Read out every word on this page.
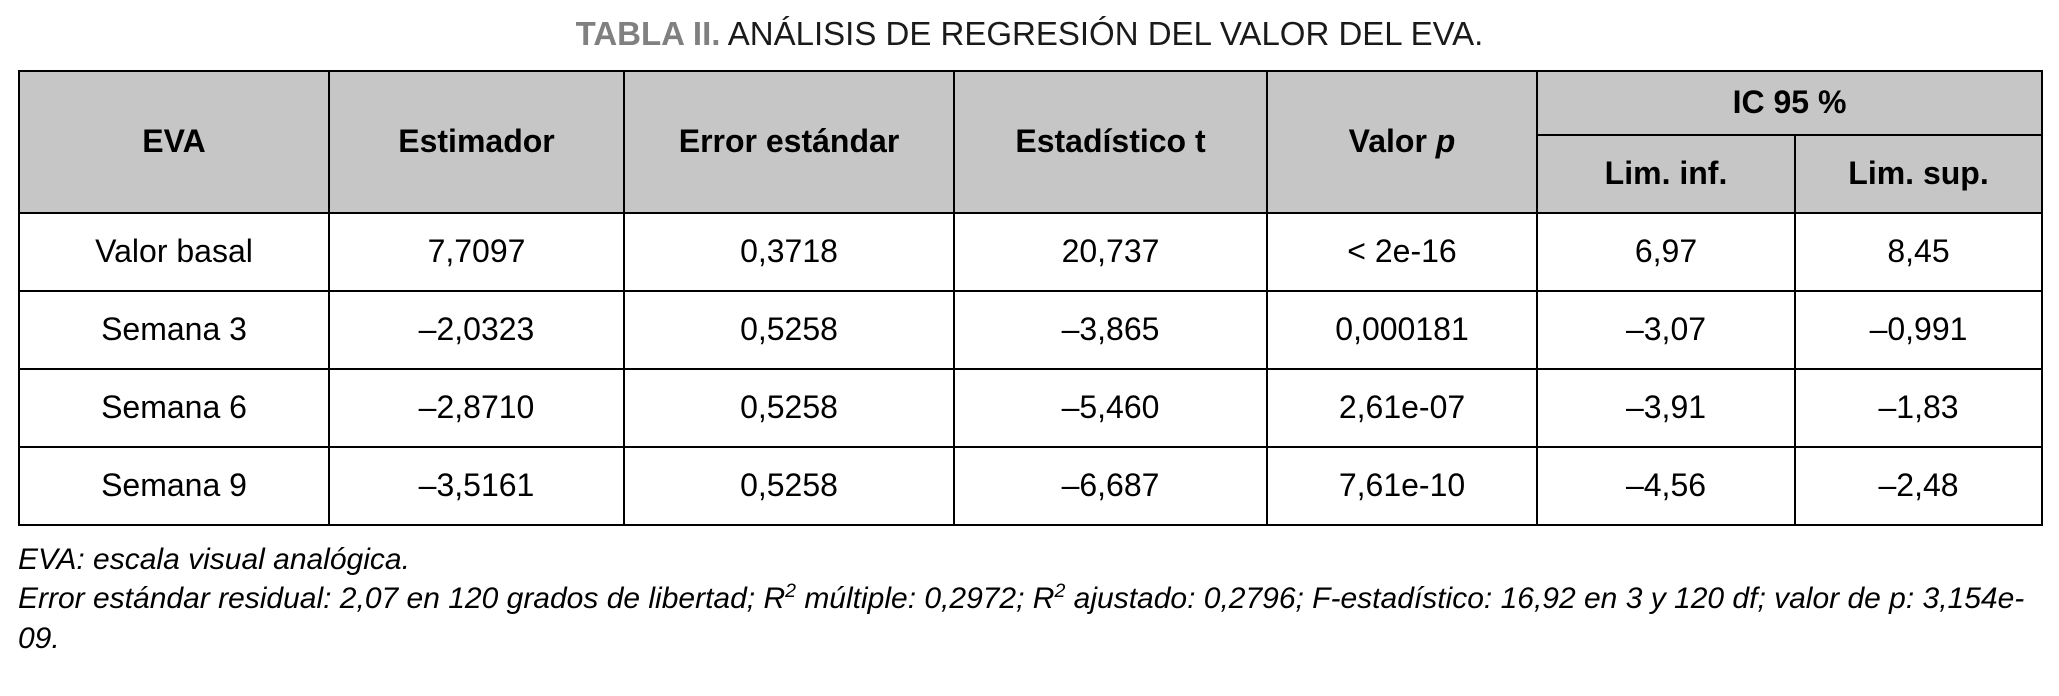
TABLA II. ANÁLISIS DE REGRESIÓN DEL VALOR DEL EVA.
EVA	Estimador	Error estándar	Estadístico t	Valor p	IC 95 %	
					Lim. inf.	Lim. sup.
Valor basal	7,7097	0,3718	20,737	< 2e-16	6,97	8,45
Semana 3	–2,0323	0,5258	–3,865	0,000181	–3,07	–0,991
Semana 6	–2,8710	0,5258	–5,460	2,61e-07	–3,91	–1,83
Semana 9	–3,5161	0,5258	–6,687	7,61e-10	–4,56	–2,48
EVA: escala visual analógica.
Error estándar residual: 2,07 en 120 grados de libertad; $R^2$ múltiple: 0,2972; $R^2$ ajustado: 0,2796; F-estadístico: 16,92 en 3 y 120 df; valor de p: 3,154e-09.
